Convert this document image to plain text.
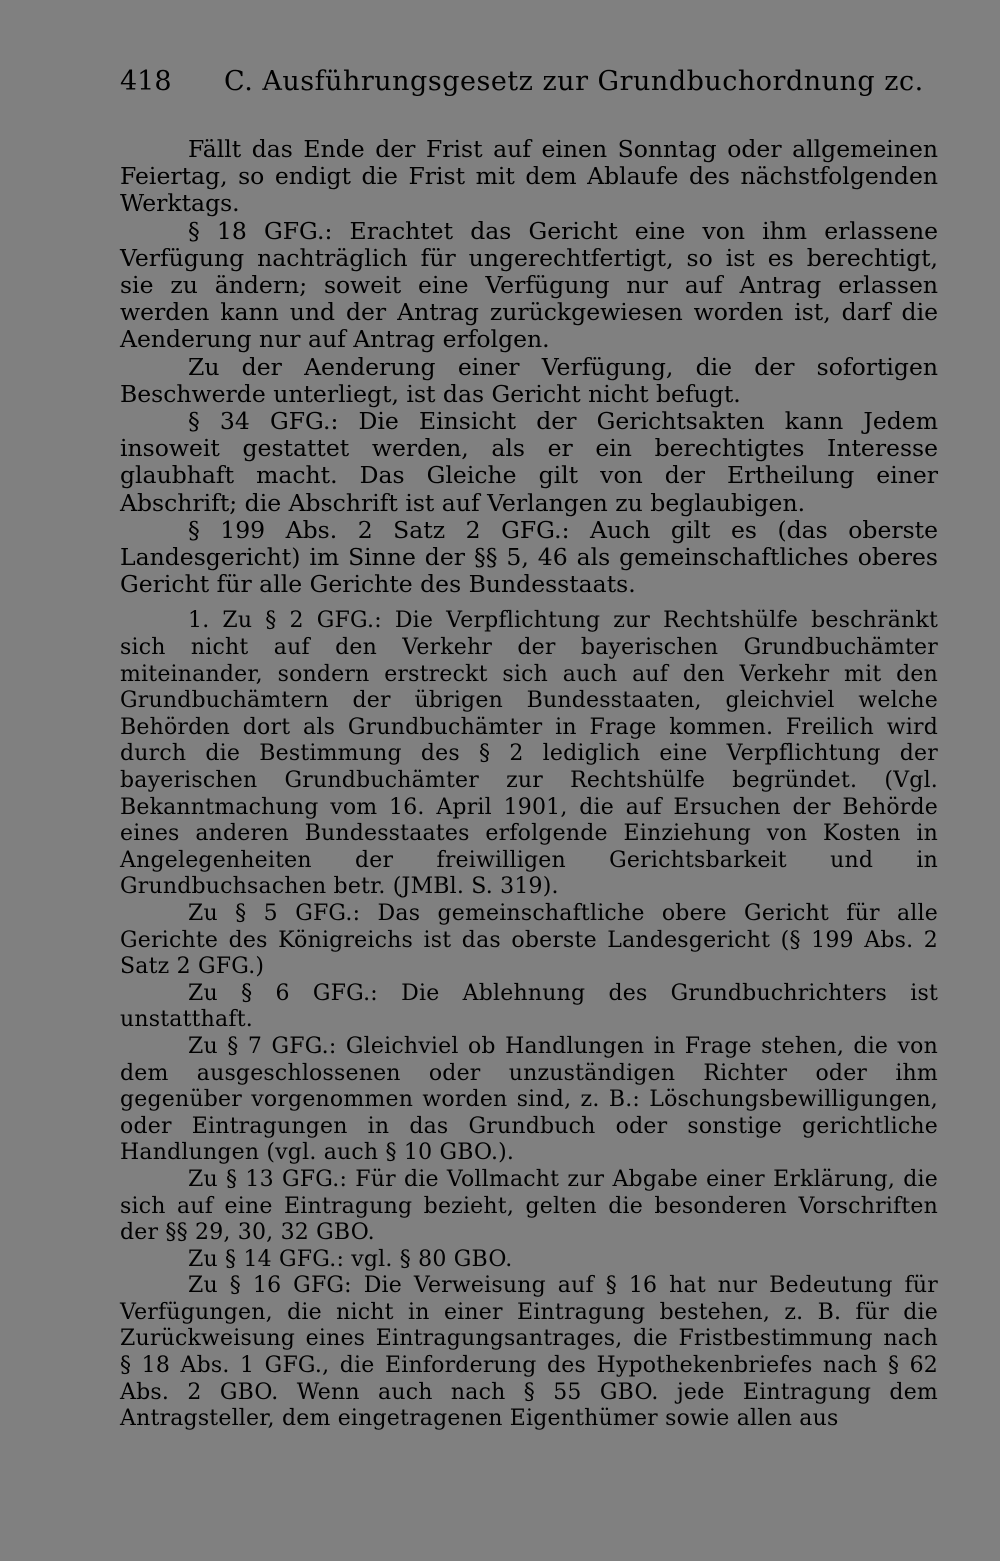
418	C. Ausführungsgesetz zur Grundbuchordnung zc.

Fällt das Ende der Frist auf einen Sonntag oder allgemeinen Feiertag, so endigt die Frist mit dem Ablaufe des nächstfolgenden Werktags.

§ 18 GFG.: Erachtet das Gericht eine von ihm erlassene Verfügung nachträglich für ungerechtfertigt, so ist es berechtigt, sie zu ändern; soweit eine Verfügung nur auf Antrag erlassen werden kann und der Antrag zurückgewiesen worden ist, darf die Aenderung nur auf Antrag erfolgen.

Zu der Aenderung einer Verfügung, die der sofortigen Beschwerde unterliegt, ist das Gericht nicht befugt.

§ 34 GFG.: Die Einsicht der Gerichtsakten kann Jedem insoweit gestattet werden, als er ein berechtigtes Interesse glaubhaft macht. Das Gleiche gilt von der Ertheilung einer Abschrift; die Abschrift ist auf Verlangen zu beglaubigen.

§ 199 Abs. 2 Satz 2 GFG.: Auch gilt es (das oberste Landesgericht) im Sinne der §§ 5, 46 als gemeinschaftliches oberes Gericht für alle Gerichte des Bundesstaats.

1. Zu § 2 GFG.: Die Verpflichtung zur Rechtshülfe beschränkt sich nicht auf den Verkehr der bayerischen Grundbuchämter miteinander, sondern erstreckt sich auch auf den Verkehr mit den Grundbuchämtern der übrigen Bundesstaaten, gleichviel welche Behörden dort als Grundbuchämter in Frage kommen. Freilich wird durch die Bestimmung des § 2 lediglich eine Verpflichtung der bayerischen Grundbuchämter zur Rechtshülfe begründet. (Vgl. Bekanntmachung vom 16. April 1901, die auf Ersuchen der Behörde eines anderen Bundesstaates erfolgende Einziehung von Kosten in Angelegenheiten der freiwilligen Gerichtsbarkeit und in Grundbuchsachen betr. (JMBl. S. 319).

Zu § 5 GFG.: Das gemeinschaftliche obere Gericht für alle Gerichte des Königreichs ist das oberste Landesgericht (§ 199 Abs. 2 Satz 2 GFG.)

Zu § 6 GFG.: Die Ablehnung des Grundbuchrichters ist unstatthaft.

Zu § 7 GFG.: Gleichviel ob Handlungen in Frage stehen, die von dem ausgeschlossenen oder unzuständigen Richter oder ihm gegenüber vorgenommen worden sind, z. B.: Löschungsbewilligungen, oder Eintragungen in das Grundbuch oder sonstige gerichtliche Handlungen (vgl. auch § 10 GBO.).

Zu § 13 GFG.: Für die Vollmacht zur Abgabe einer Erklärung, die sich auf eine Eintragung bezieht, gelten die besonderen Vorschriften der §§ 29, 30, 32 GBO.

Zu § 14 GFG.: vgl. § 80 GBO.

Zu § 16 GFG: Die Verweisung auf § 16 hat nur Bedeutung für Verfügungen, die nicht in einer Eintragung bestehen, z. B. für die Zurückweisung eines Eintragungsantrages, die Fristbestimmung nach § 18 Abs. 1 GFG., die Einforderung des Hypothekenbriefes nach § 62 Abs. 2 GBO. Wenn auch nach § 55 GBO. jede Eintragung dem Antragsteller, dem eingetragenen Eigenthümer sowie allen aus
